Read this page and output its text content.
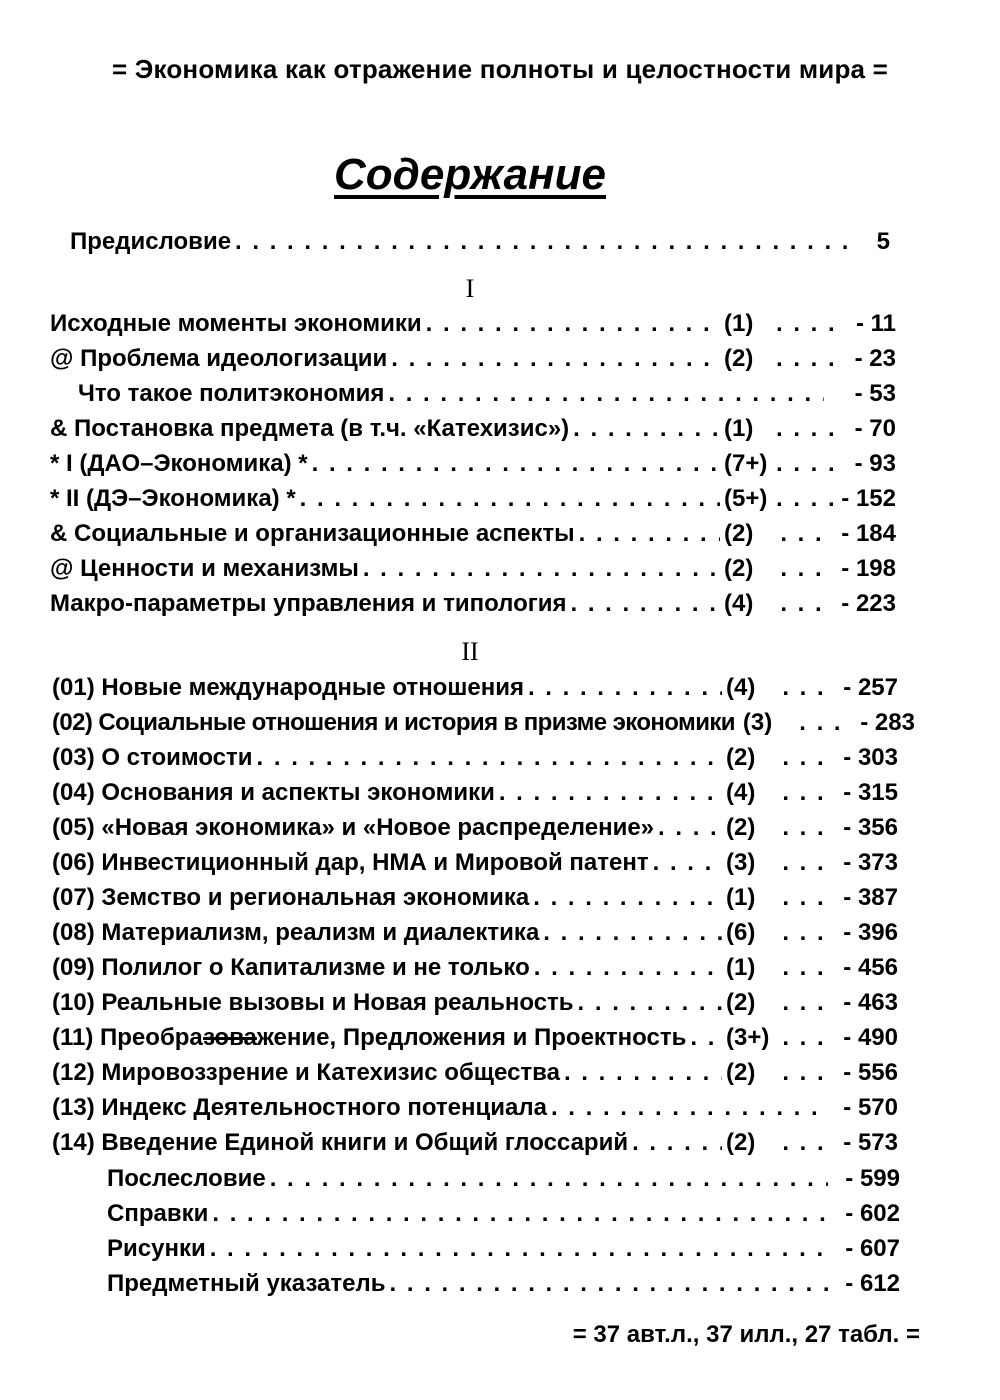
= Экономика как отражение полноты и целостности мира =
Содержание
Предисловие . . .	5
I
Исходные моменты экономики . . .	(1) . . . . - 11
@ Проблема идеологизации . . .	(2) . . . . - 23
Что такое политэкономия . . .	- 53
& Постановка предмета (в т.ч. «Катехизис») . . .	(1) . . . . - 70
* I (ДАО–Экономика) * . . .	(7+) . . . . - 93
* II (ДЭ–Экономика) * . . .	(5+) . . . . - 152
& Социальные и организационные аспекты . . .	(2)	. . . - 184
@ Ценности и механизмы . . .	(2)	. . . - 198
Макро-параметры управления и типология . . .	(4)	. . . - 223
II
(01) Новые международные отношения . . .	(4)	. . . - 257
(02) Социальные отношения и история в призме экономики (3)	. . . - 283
(03) О стоимости . . .	(2)	. . . - 303
(04) Основания и аспекты экономики . . .	(4)	. . . - 315
(05) «Новая экономика» и «Новое распределение» . . .	(2)	. . . - 356
(06) Инвестиционный дар, НМА и Мировой патент . . .	(3)	. . . - 373
(07) Земство и региональная экономика . . .	(1)	. . . - 387
(08) Материализм, реализм и диалектика . . .	(6)	. . . - 396
(09) Полилог о Капитализме и не только . . .	(1)	. . . - 456
(10) Реальные вызовы и Новая реальность . . .	(2)	. . . - 463
(11) Преобразоважение, Предложения и Проектность . . . (3+) . . . - 490
(12) Мировоззрение и Катехизис общества . . .	(2)	. . . - 556
(13) Индекс Деятельностного потенциала . . .	- 570
(14) Введение Единой книги и Общий глоссарий . . .	(2)	. . . - 573
Послесловие . . .	- 599
Справки . . .	- 602
Рисунки . . .	- 607
Предметный указатель . . .	- 612
= 37 авт.л., 37 илл., 27 табл. =
